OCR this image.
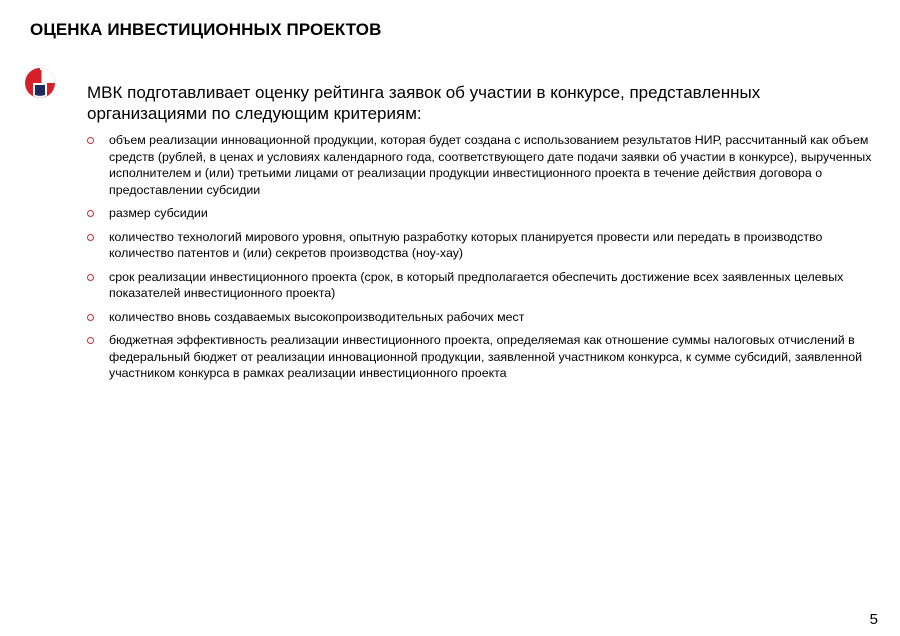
ОЦЕНКА ИНВЕСТИЦИОННЫХ ПРОЕКТОВ
МВК подготавливает оценку рейтинга заявок об участии в конкурсе, представленных организациями по следующим критериям:
объем реализации инновационной продукции, которая будет создана с использованием результатов НИР, рассчитанный как объем средств (рублей, в ценах и условиях календарного года, соответствующего дате подачи заявки об участии в конкурсе), вырученных исполнителем и (или) третьими лицами от реализации продукции инвестиционного проекта в течение действия договора о предоставлении субсидии
размер субсидии
количество технологий мирового уровня, опытную разработку которых планируется провести или передать в производство количество патентов и (или) секретов производства (ноу-хау)
срок реализации инвестиционного проекта (срок, в который предполагается обеспечить достижение всех заявленных целевых показателей инвестиционного проекта)
количество вновь создаваемых высокопроизводительных рабочих мест
бюджетная эффективность реализации инвестиционного проекта, определяемая как отношение суммы налоговых отчислений в федеральный бюджет от реализации инновационной продукции, заявленной участником конкурса, к сумме субсидий, заявленной участником конкурса в рамках реализации инвестиционного проекта
5
